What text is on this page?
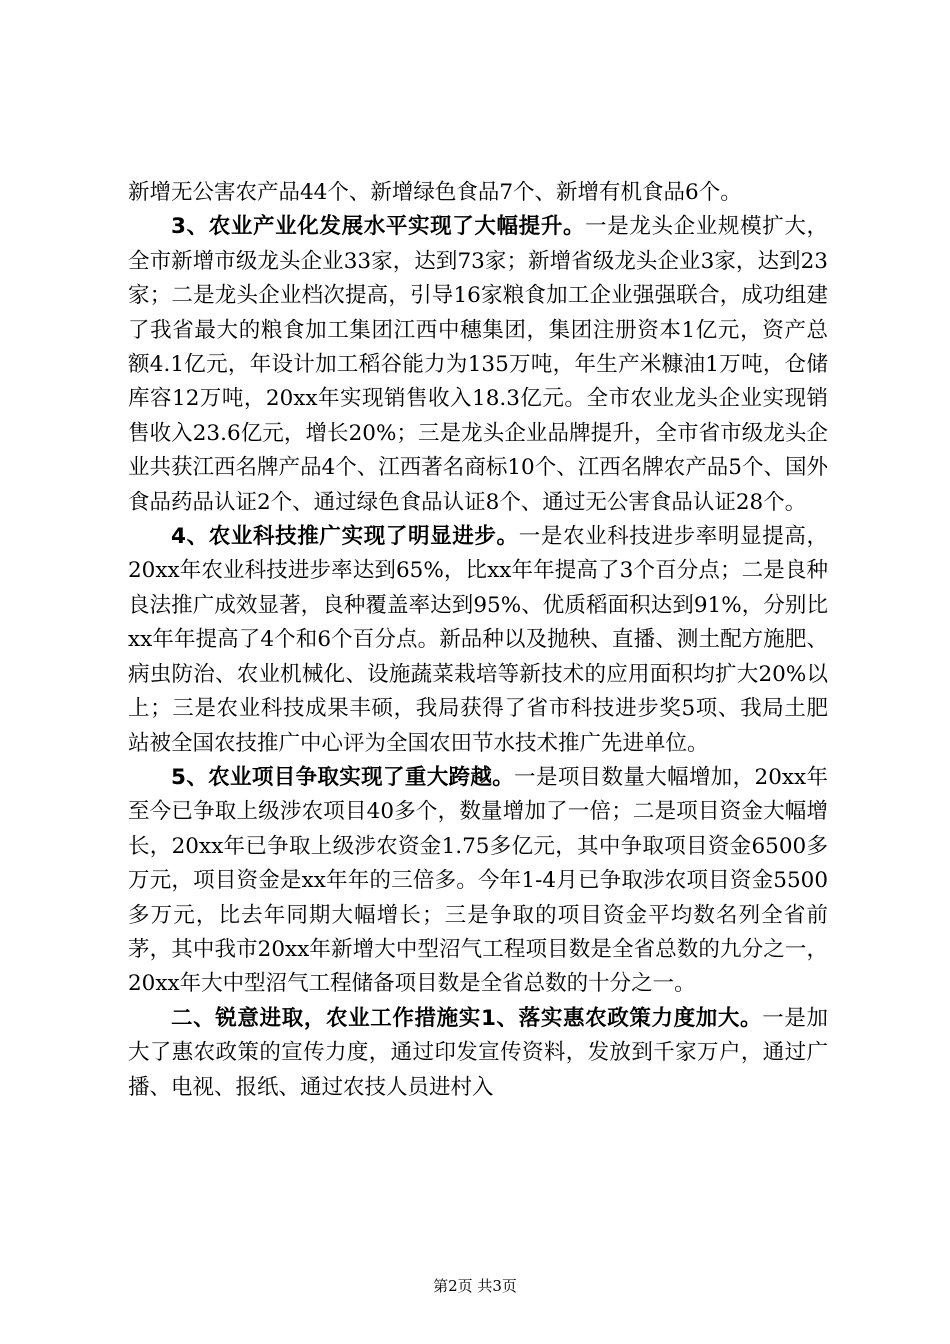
新增无公害农产品44个、新增绿色食品7个、新增有机食品6个。

3、农业产业化发展水平实现了大幅提升。一是龙头企业规模扩大，全市新增市级龙头企业33家，达到73家；新增省级龙头企业3家，达到23家；二是龙头企业档次提高，引导16家粮食加工企业强强联合，成功组建了我省最大的粮食加工集团江西中穗集团，集团注册资本1亿元，资产总额4.1亿元，年设计加工稻谷能力为135万吨，年生产米糠油1万吨，仓储库容12万吨，20xx年实现销售收入18.3亿元。全市农业龙头企业实现销售收入23.6亿元，增长20%；三是龙头企业品牌提升，全市省市级龙头企业共获江西名牌产品4个、江西著名商标10个、江西名牌农产品5个、国外食品药品认证2个、通过绿色食品认证8个、通过无公害食品认证28个。

4、农业科技推广实现了明显进步。一是农业科技进步率明显提高，20xx年农业科技进步率达到65%，比xx年年提高了3个百分点；二是良种良法推广成效显著，良种覆盖率达到95%、优质稻面积达到91%，分别比xx年年提高了4个和6个百分点。新品种以及抛秧、直播、测土配方施肥、病虫防治、农业机械化、设施蔬菜栽培等新技术的应用面积均扩大20%以上；三是农业科技成果丰硕，我局获得了省市科技进步奖5项、我局土肥站被全国农技推广中心评为全国农田节水技术推广先进单位。

5、农业项目争取实现了重大跨越。一是项目数量大幅增加，20xx年至今已争取上级涉农项目40多个，数量增加了一倍；二是项目资金大幅增长，20xx年已争取上级涉农资金1.75多亿元，其中争取项目资金6500多万元，项目资金是xx年年的三倍多。今年1-4月已争取涉农项目资金5500多万元，比去年同期大幅增长；三是争取的项目资金平均数名列全省前茅，其中我市20xx年新增大中型沼气工程项目数是全省总数的九分之一，20xx年大中型沼气工程储备项目数是全省总数的十分之一。

二、锐意进取，农业工作措施实1、落实惠农政策力度加大。一是加大了惠农政策的宣传力度，通过印发宣传资料，发放到千家万户，通过广播、电视、报纸、通过农技人员进村入

第2页 共3页
